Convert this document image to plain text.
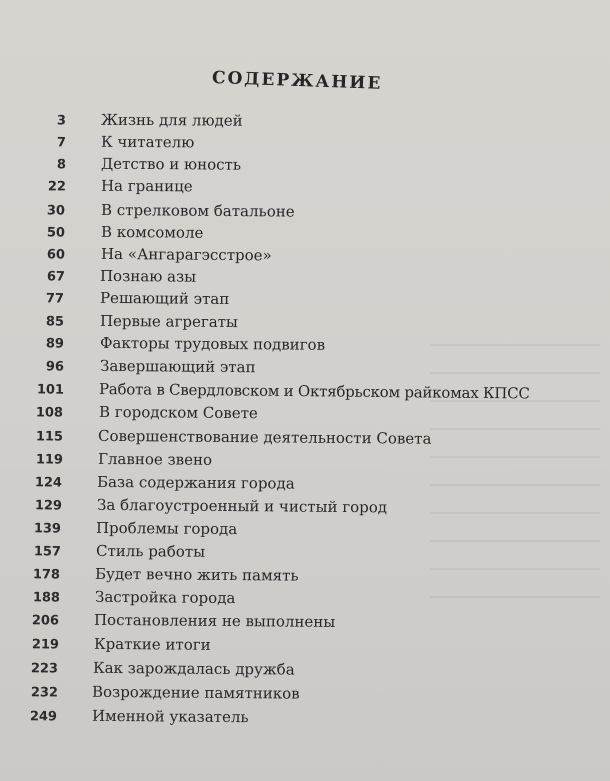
СОДЕРЖАНИЕ
3 Жизнь для людей
7 К читателю
8 Детство и юность
22 На границе
30 В стрелковом батальоне
50 В комсомоле
60 На «Ангарагэсстрое»
67 Познаю азы
77 Решающий этап
85 Первые агрегаты
89 Факторы трудовых подвигов
96 Завершающий этап
101 Работа в Свердловском и Октябрьском райкомах КПСС
108 В городском Совете
115 Совершенствование деятельности Совета
119 Главное звено
124 База содержания города
129 За благоустроенный и чистый город
139 Проблемы города
157 Стиль работы
178 Будет вечно жить память
188 Застройка города
206 Постановления не выполнены
219 Краткие итоги
223 Как зарождалась дружба
232 Возрождение памятников
249 Именной указатель
